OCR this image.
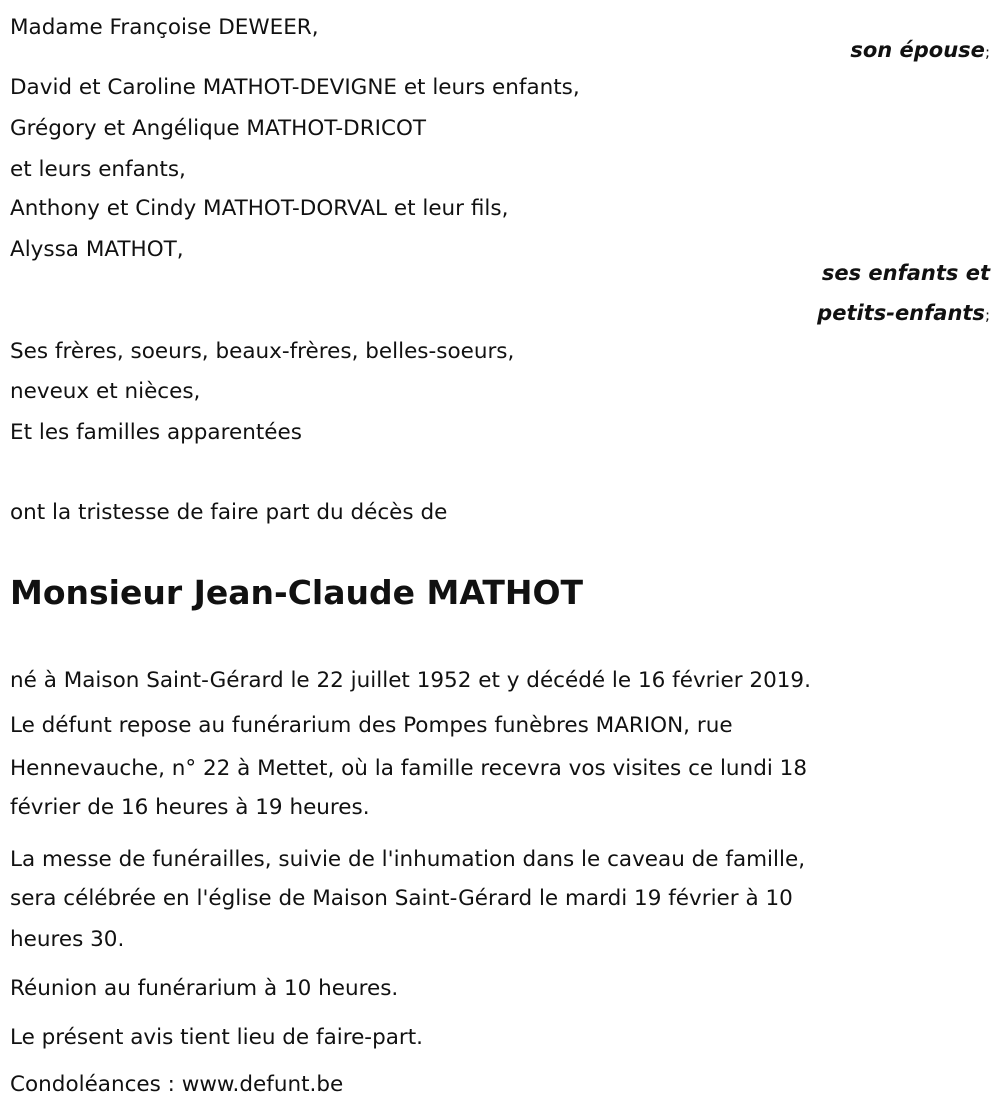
Madame Françoise DEWEER,
son épouse;
David et Caroline MATHOT-DEVIGNE et leurs enfants,
Grégory et Angélique MATHOT-DRICOT
et leurs enfants,
Anthony et Cindy MATHOT-DORVAL et leur fils,
Alyssa MATHOT,
ses enfants et
petits-enfants;
Ses frères, soeurs, beaux-frères, belles-soeurs,
neveux et nièces,
Et les familles apparentées
ont la tristesse de faire part du décès de
Monsieur Jean-Claude MATHOT
né à Maison Saint-Gérard le 22 juillet 1952 et y décédé le 16 février 2019.
Le défunt repose au funérarium des Pompes funèbres MARION, rue
Hennevauche, n° 22 à Mettet, où la famille recevra vos visites ce lundi 18
février de 16 heures à 19 heures.
La messe de funérailles, suivie de l'inhumation dans le caveau de famille,
sera célébrée en l'église de Maison Saint-Gérard le mardi 19 février à 10
heures 30.
Réunion au funérarium à 10 heures.
Le présent avis tient lieu de faire-part.
Condoléances : www.defunt.be
